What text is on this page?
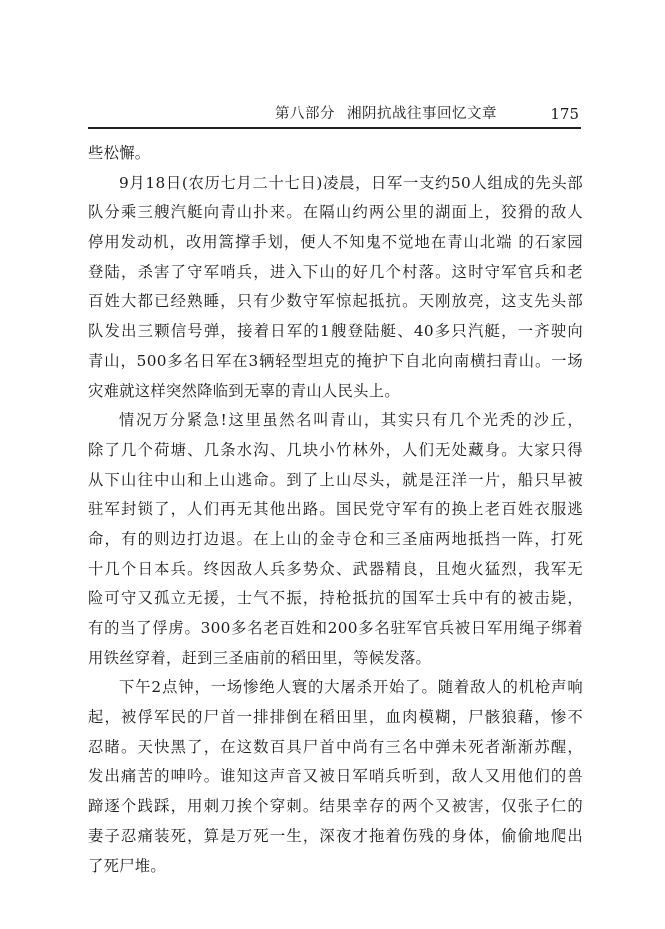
第八部分 湘阴抗战往事回忆文章	175
些松懈。
9月18日(农历七月二十七日)凌晨，日军一支约50人组成的先头部
队分乘三艘汽艇向青山扑来。在隔山约两公里的湖面上，狡猾的敌人
停用发动机，改用篙撑手划，便人不知鬼不觉地在青山北端 的石家园
登陆，杀害了守军哨兵，进入下山的好几个村落。这时守军官兵和老
百姓大都已经熟睡，只有少数守军惊起抵抗。天刚放亮，这支先头部
队发出三颗信号弹，接着日军的1艘登陆艇、40多只汽艇，一齐驶向
青山，500多名日军在3辆轻型坦克的掩护下自北向南横扫青山。一场
灾难就这样突然降临到无辜的青山人民头上。
情况万分紧急!这里虽然名叫青山，其实只有几个光秃的沙丘，
除了几个荷塘、几条水沟、几块小竹林外，人们无处藏身。大家只得
从下山往中山和上山逃命。到了上山尽头，就是汪洋一片，船只早被
驻军封锁了，人们再无其他出路。国民党守军有的换上老百姓衣服逃
命，有的则边打边退。在上山的金寺仓和三圣庙两地抵挡一阵，打死
十几个日本兵。终因敌人兵多势众、武器精良，且炮火猛烈，我军无
险可守又孤立无援，士气不振，持枪抵抗的国军士兵中有的被击毙，
有的当了俘虏。300多名老百姓和200多名驻军官兵被日军用绳子绑着
用铁丝穿着，赶到三圣庙前的稻田里，等候发落。
下午2点钟，一场惨绝人寰的大屠杀开始了。随着敌人的机枪声响
起，被俘军民的尸首一排排倒在稻田里，血肉模糊，尸骸狼藉，惨不
忍睹。天快黑了，在这数百具尸首中尚有三名中弹未死者渐渐苏醒，
发出痛苦的呻吟。谁知这声音又被日军哨兵听到，敌人又用他们的兽
蹄逐个践踩，用刺刀挨个穿刺。结果幸存的两个又被害，仅张子仁的
妻子忍痛装死，算是万死一生，深夜才拖着伤残的身体，偷偷地爬出
了死尸堆。
